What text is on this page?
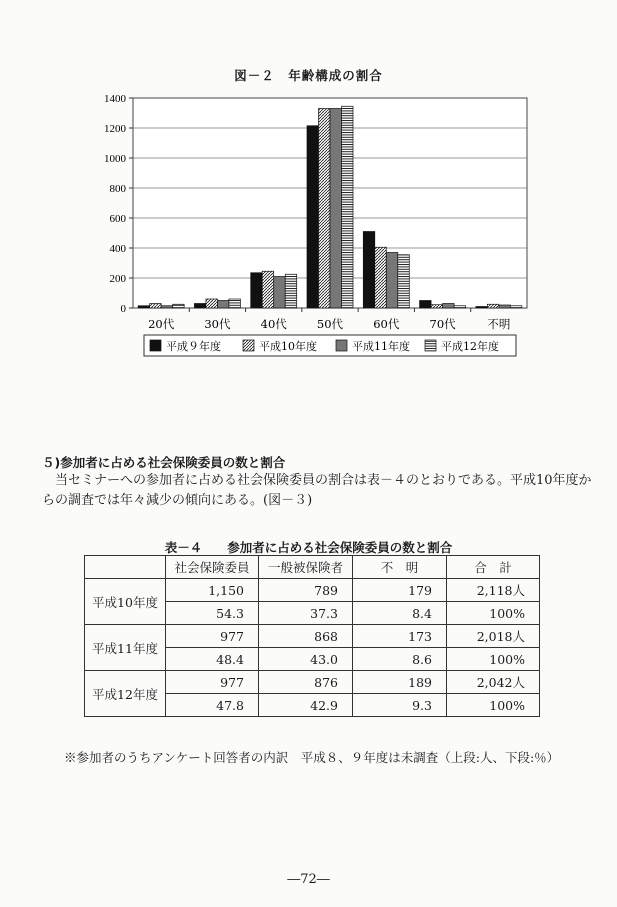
図－２　年齢構成の割合
0
200
400
600
800
1000
1200
1400
20代	30代	40代	50代	60代	70代	不明
平成９年度	平成10年度	平成11年度	平成12年度
５)参加者に占める社会保険委員の数と割合
当セミナーへの参加者に占める社会保険委員の割合は表－４のとおりである。平成10年度からの調査では年々減少の傾向にある。(図－３)
表－４　　参加者に占める社会保険委員の数と割合
	社会保険委員	一般被保険者	不　明	合　計
平成10年度	1,150	789	179	2,118人
	54.3	37.3	8.4	100%
平成11年度	977	868	173	2,018人
	48.4	43.0	8.6	100%
平成12年度	977	876	189	2,042人
	47.8	42.9	9.3	100%
※参加者のうちアンケート回答者の内訳　平成８、９年度は未調査（上段:人、下段:％）
―72―
